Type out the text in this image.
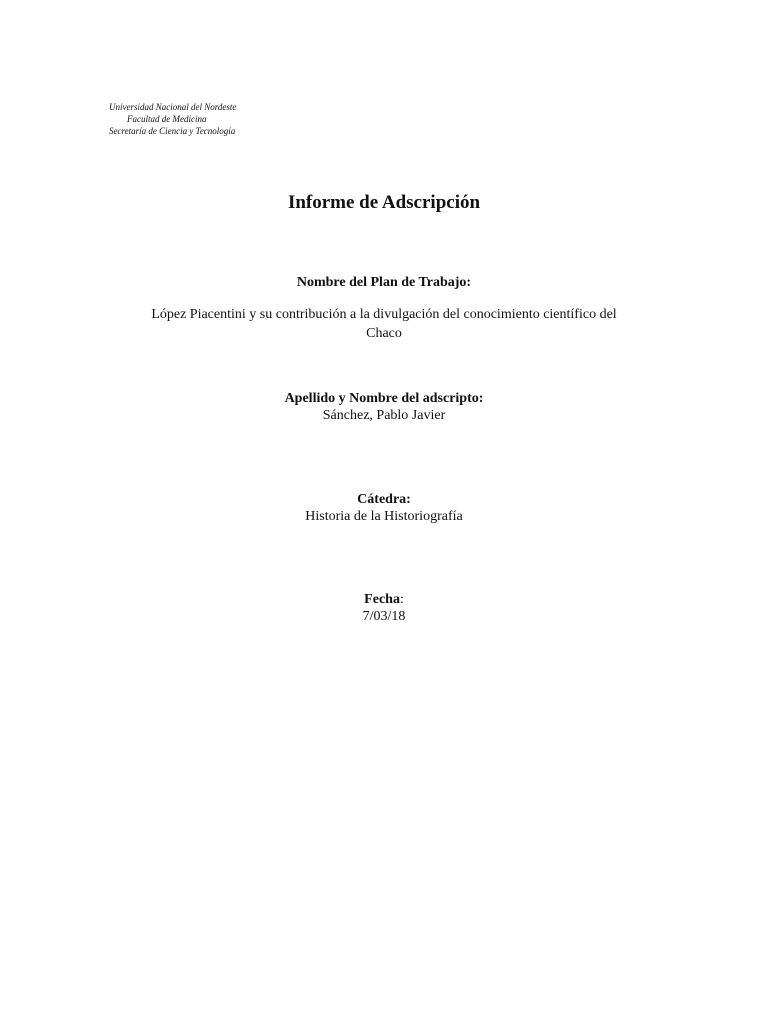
Universidad Nacional del Nordeste
Facultad de Medicina
Secretaría de Ciencia y Tecnología
Informe de Adscripción
Nombre del Plan de Trabajo:
López Piacentini y su contribución a la divulgación del conocimiento científico del
Chaco
Apellido y Nombre del adscripto:
Sánchez, Pablo Javier
Cátedra:
Historia de la Historiografía
Fecha:
7/03/18
